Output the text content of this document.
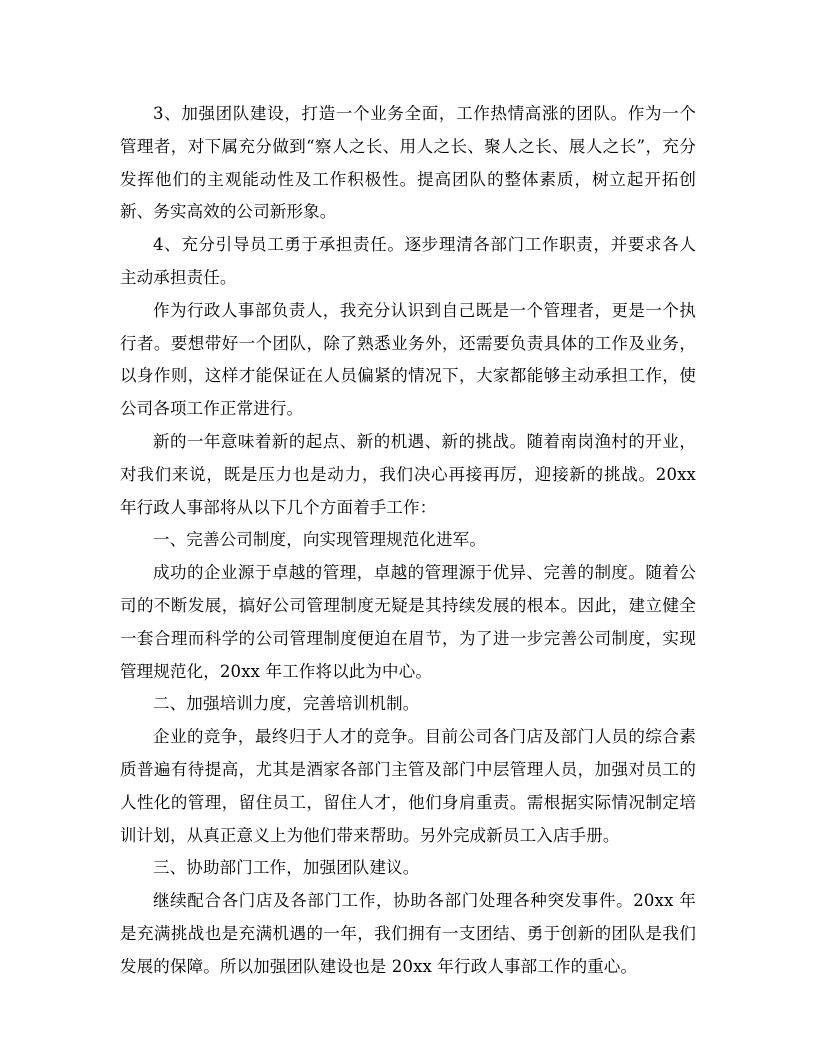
3、加强团队建设，打造一个业务全面，工作热情高涨的团队。作为一个管理者，对下属充分做到“察人之长、用人之长、聚人之长、展人之长”，充分发挥他们的主观能动性及工作积极性。提高团队的整体素质，树立起开拓创新、务实高效的公司新形象。

4、充分引导员工勇于承担责任。逐步理清各部门工作职责，并要求各人主动承担责任。

作为行政人事部负责人，我充分认识到自己既是一个管理者，更是一个执行者。要想带好一个团队，除了熟悉业务外，还需要负责具体的工作及业务，以身作则，这样才能保证在人员偏紧的情况下，大家都能够主动承担工作，使公司各项工作正常进行。

新的一年意味着新的起点、新的机遇、新的挑战。随着南岗渔村的开业，对我们来说，既是压力也是动力，我们决心再接再厉，迎接新的挑战。20xx 年行政人事部将从以下几个方面着手工作：

一、完善公司制度，向实现管理规范化进军。

成功的企业源于卓越的管理，卓越的管理源于优异、完善的制度。随着公司的不断发展，搞好公司管理制度无疑是其持续发展的根本。因此，建立健全一套合理而科学的公司管理制度便迫在眉节，为了进一步完善公司制度，实现管理规范化，20xx 年工作将以此为中心。

二、加强培训力度，完善培训机制。

企业的竞争，最终归于人才的竞争。目前公司各门店及部门人员的综合素质普遍有待提高，尤其是酒家各部门主管及部门中层管理人员，加强对员工的人性化的管理，留住员工，留住人才，他们身肩重责。需根据实际情况制定培训计划，从真正意义上为他们带来帮助。另外完成新员工入店手册。

三、协助部门工作，加强团队建议。

继续配合各门店及各部门工作，协助各部门处理各种突发事件。20xx 年是充满挑战也是充满机遇的一年，我们拥有一支团结、勇于创新的团队是我们发展的保障。所以加强团队建设也是 20xx 年行政人事部工作的重心。
